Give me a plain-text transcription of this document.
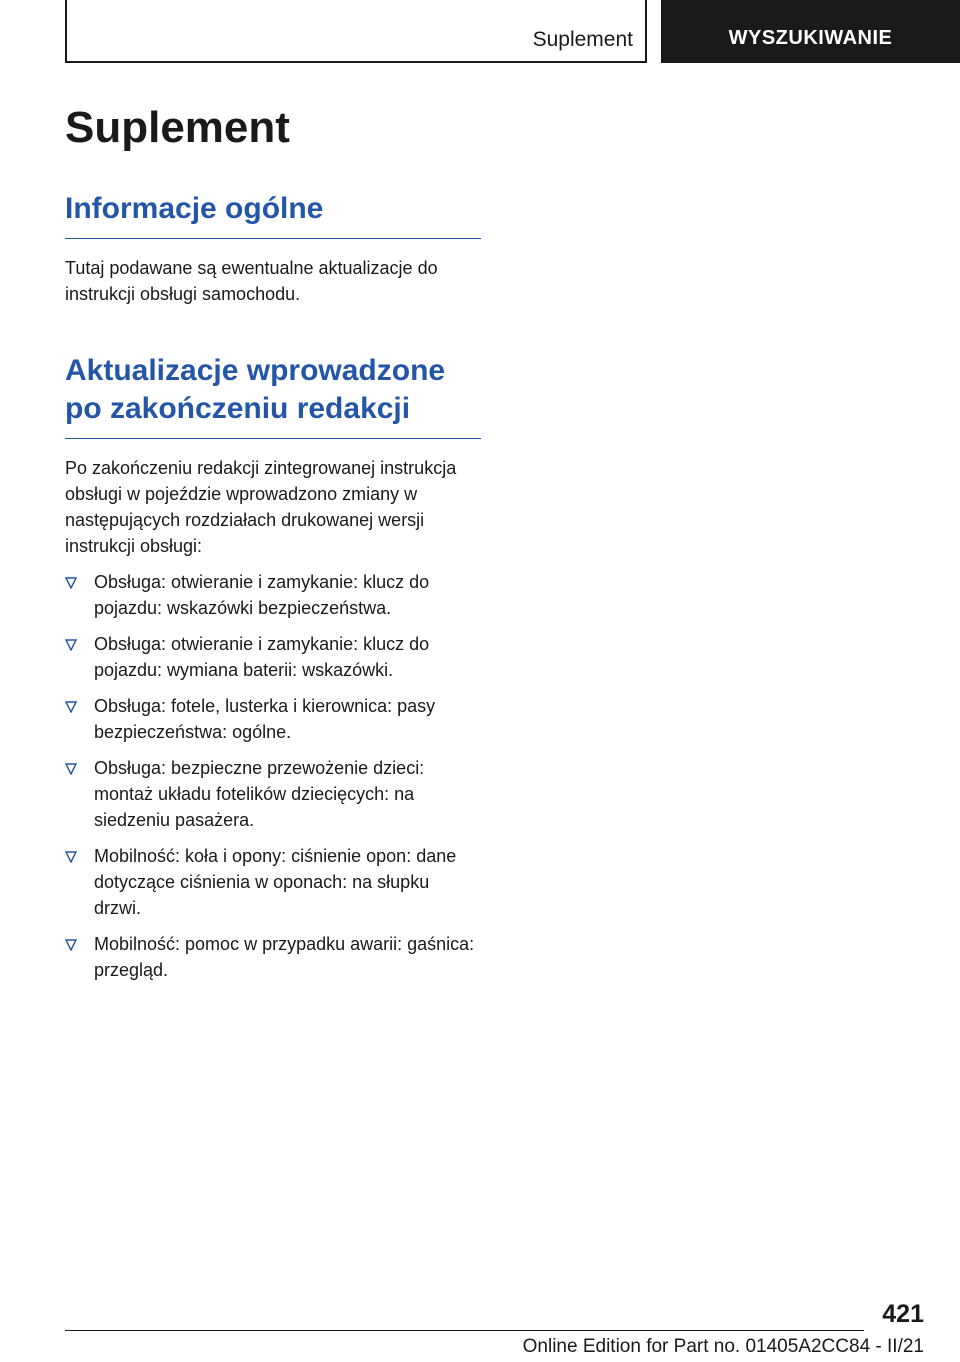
Suplement	WYSZUKIWANIE
Suplement
Informacje ogólne

Tutaj podawane są ewentualne aktualizacje do instrukcji obsługi samochodu.

Aktualizacje wprowadzone
po zakończeniu redakcji

Po zakończeniu redakcji zintegrowanej instrukcja obsługi w pojeździe wprowadzono zmiany w następujących rozdziałach drukowanej wersji instrukcji obsługi:

Obsługa: otwieranie i zamykanie: klucz do pojazdu: wskazówki bezpieczeństwa.
Obsługa: otwieranie i zamykanie: klucz do pojazdu: wymiana baterii: wskazówki.
Obsługa: fotele, lusterka i kierownica: pasy bezpieczeństwa: ogólne.
Obsługa: bezpieczne przewożenie dzieci: montaż układu fotelików dziecięcych: na siedzeniu pasażera.
Mobilność: koła i opony: ciśnienie opon: dane dotyczące ciśnienia w oponach: na słupku drzwi.
Mobilność: pomoc w przypadku awarii: gaśnica: przegląd.
421
Online Edition for Part no. 01405A2CC84 - II/21
